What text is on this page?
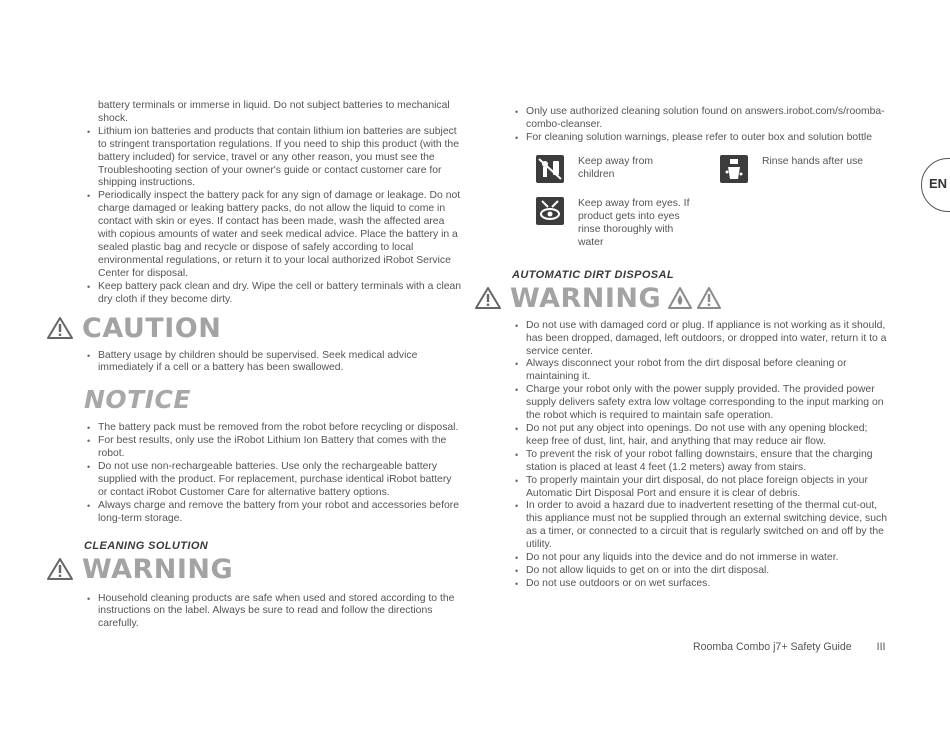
battery terminals or immerse in liquid. Do not subject batteries to mechanical shock.
• Lithium ion batteries and products that contain lithium ion batteries are subject to stringent transportation regulations. If you need to ship this product (with the battery included) for service, travel or any other reason, you must see the Troubleshooting section of your owner's guide or contact customer care for shipping instructions.
• Periodically inspect the battery pack for any sign of damage or leakage. Do not charge damaged or leaking battery packs, do not allow the liquid to come in contact with skin or eyes. If contact has been made, wash the affected area with copious amounts of water and seek medical advice. Place the battery in a sealed plastic bag and recycle or dispose of safely according to local environmental regulations, or return it to your local authorized iRobot Service Center for disposal.
• Keep battery pack clean and dry. Wipe the cell or battery terminals with a clean dry cloth if they become dirty.
CAUTION
• Battery usage by children should be supervised. Seek medical advice immediately if a cell or a battery has been swallowed.
NOTICE
• The battery pack must be removed from the robot before recycling or disposal.
• For best results, only use the iRobot Lithium Ion Battery that comes with the robot.
• Do not use non-rechargeable batteries. Use only the rechargeable battery supplied with the product. For replacement, purchase identical iRobot battery or contact iRobot Customer Care for alternative battery options.
• Always charge and remove the battery from your robot and accessories before long-term storage.

CLEANING SOLUTION

WARNING
• Household cleaning products are safe when used and stored according to the instructions on the label. Always be sure to read and follow the directions carefully.
• Only use authorized cleaning solution found on answers.irobot.com/s/roomba-combo-cleanser.
• For cleaning solution warnings, please refer to outer box and solution bottle
Keep away from children
Rinse hands after use
Keep away from eyes. If product gets into eyes rinse thoroughly with water

AUTOMATIC DIRT DISPOSAL

WARNING
• Do not use with damaged cord or plug. If appliance is not working as it should, has been dropped, damaged, left outdoors, or dropped into water, return it to a service center.
• Always disconnect your robot from the dirt disposal before cleaning or maintaining it.
• Charge your robot only with the power supply provided. The provided power supply delivers safety extra low voltage corresponding to the input marking on the robot which is required to maintain safe operation.
• Do not put any object into openings. Do not use with any opening blocked; keep free of dust, lint, hair, and anything that may reduce air flow.
• To prevent the risk of your robot falling downstairs, ensure that the charging station is placed at least 4 feet (1.2 meters) away from stairs.
• To properly maintain your dirt disposal, do not place foreign objects in your Automatic Dirt Disposal Port and ensure it is clear of debris.
• In order to avoid a hazard due to inadvertent resetting of the thermal cut-out, this appliance must not be supplied through an external switching device, such as a timer, or connected to a circuit that is regularly switched on and off by the utility.
• Do not pour any liquids into the device and do not immerse in water.
• Do not allow liquids to get on or into the dirt disposal.
• Do not use outdoors or on wet surfaces.
EN
Roomba Combo j7+ Safety Guide III
